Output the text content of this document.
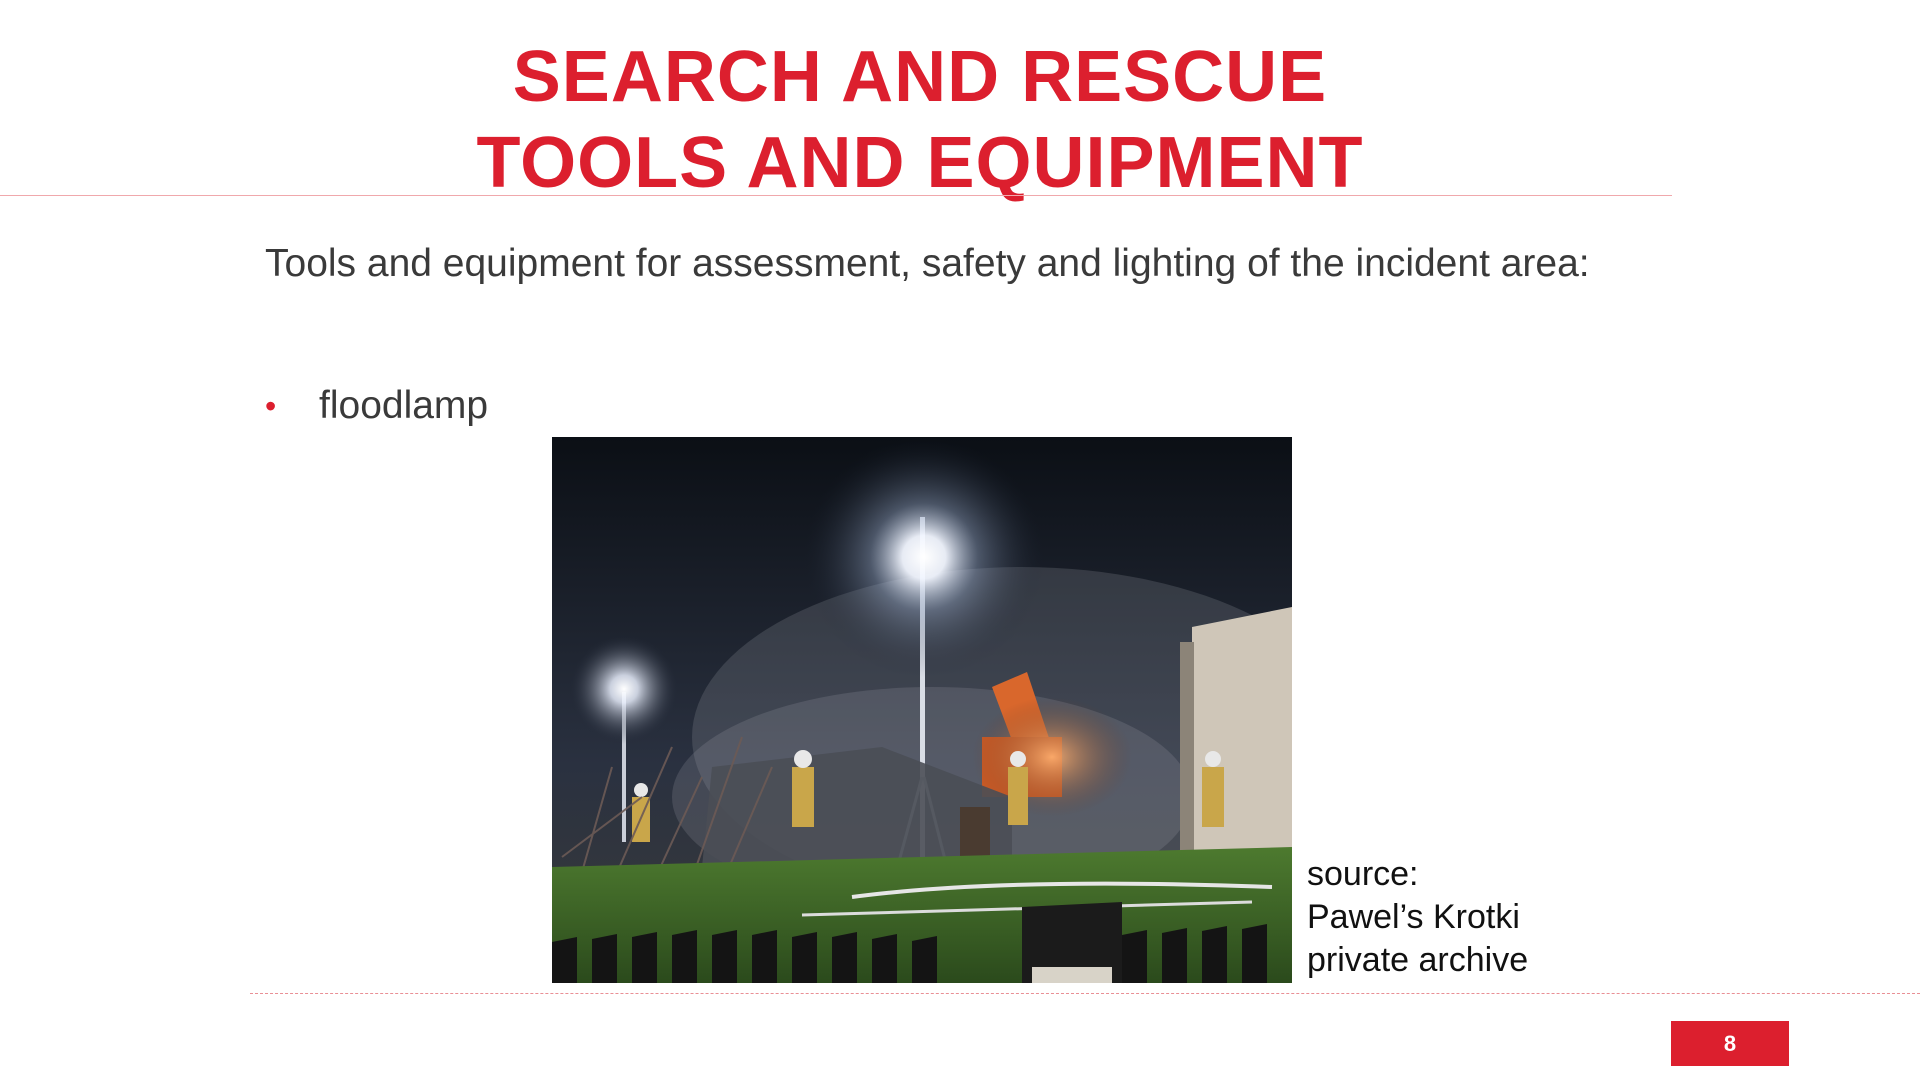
SEARCH AND RESCUE
TOOLS AND EQUIPMENT

Tools and equipment for assessment, safety and lighting of the incident area:

•	floodlamp
source:
Pawel’s Krotki
private archive
8
